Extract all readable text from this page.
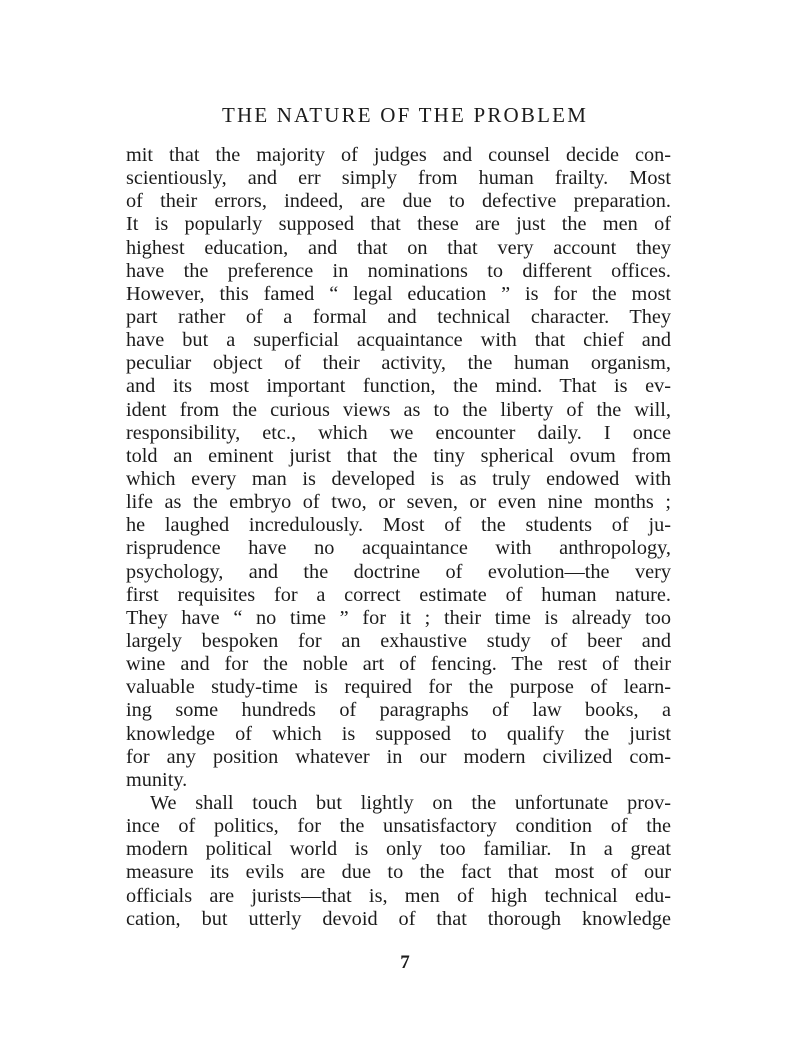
THE NATURE OF THE PROBLEM
mit that the majority of judges and counsel decide con-
scientiously, and err simply from human frailty. Most
of their errors, indeed, are due to defective preparation.
It is popularly supposed that these are just the men of
highest education, and that on that very account they
have the preference in nominations to different offices.
However, this famed “ legal education ” is for the most
part rather of a formal and technical character. They
have but a superficial acquaintance with that chief and
peculiar object of their activity, the human organism,
and its most important function, the mind. That is ev-
ident from the curious views as to the liberty of the will,
responsibility, etc., which we encounter daily. I once
told an eminent jurist that the tiny spherical ovum from
which every man is developed is as truly endowed with
life as the embryo of two, or seven, or even nine months ;
he laughed incredulously. Most of the students of ju-
risprudence have no acquaintance with anthropology,
psychology, and the doctrine of evolution—the very
first requisites for a correct estimate of human nature.
They have “ no time ” for it ; their time is already too
largely bespoken for an exhaustive study of beer and
wine and for the noble art of fencing. The rest of their
valuable study-time is required for the purpose of learn-
ing some hundreds of paragraphs of law books, a
knowledge of which is supposed to qualify the jurist
for any position whatever in our modern civilized com-
munity.
We shall touch but lightly on the unfortunate prov-
ince of politics, for the unsatisfactory condition of the
modern political world is only too familiar. In a great
measure its evils are due to the fact that most of our
officials are jurists—that is, men of high technical edu-
cation, but utterly devoid of that thorough knowledge
7
